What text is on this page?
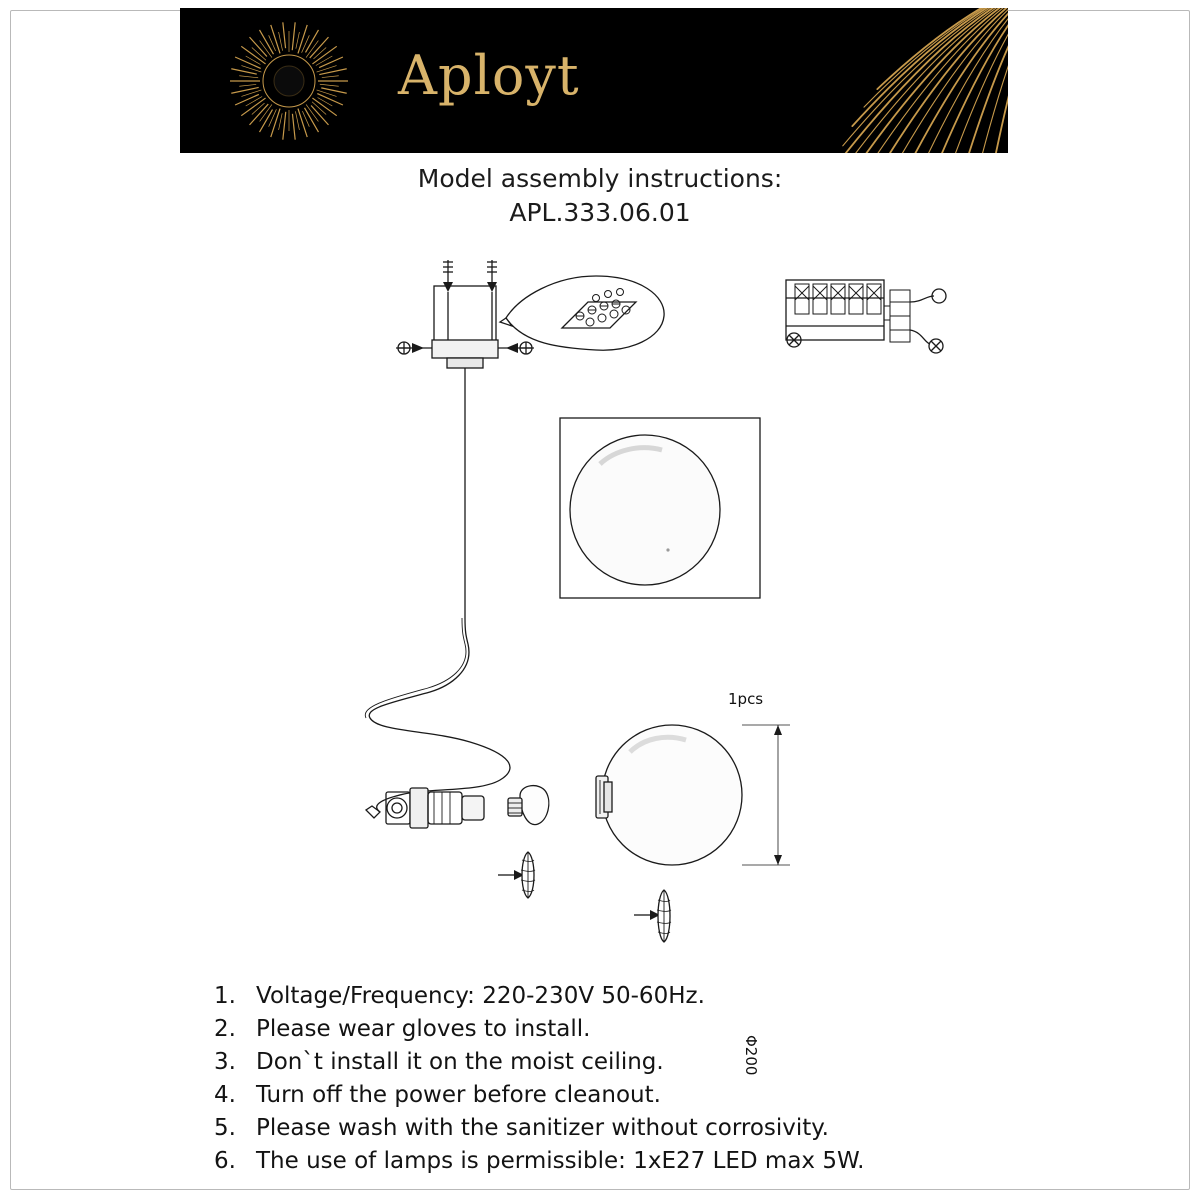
Aployt
Model assembly instructions:
APL.333.06.01
1pcs
Φ200
1. Voltage/Frequency: 220-230V 50-60Hz.
2. Please wear gloves to install.
3. Don`t install it on the moist ceiling.
4. Turn off the power before cleanout.
5. Please wash with the sanitizer without corrosivity.
6. The use of lamps is permissible: 1xE27 LED max 5W.
